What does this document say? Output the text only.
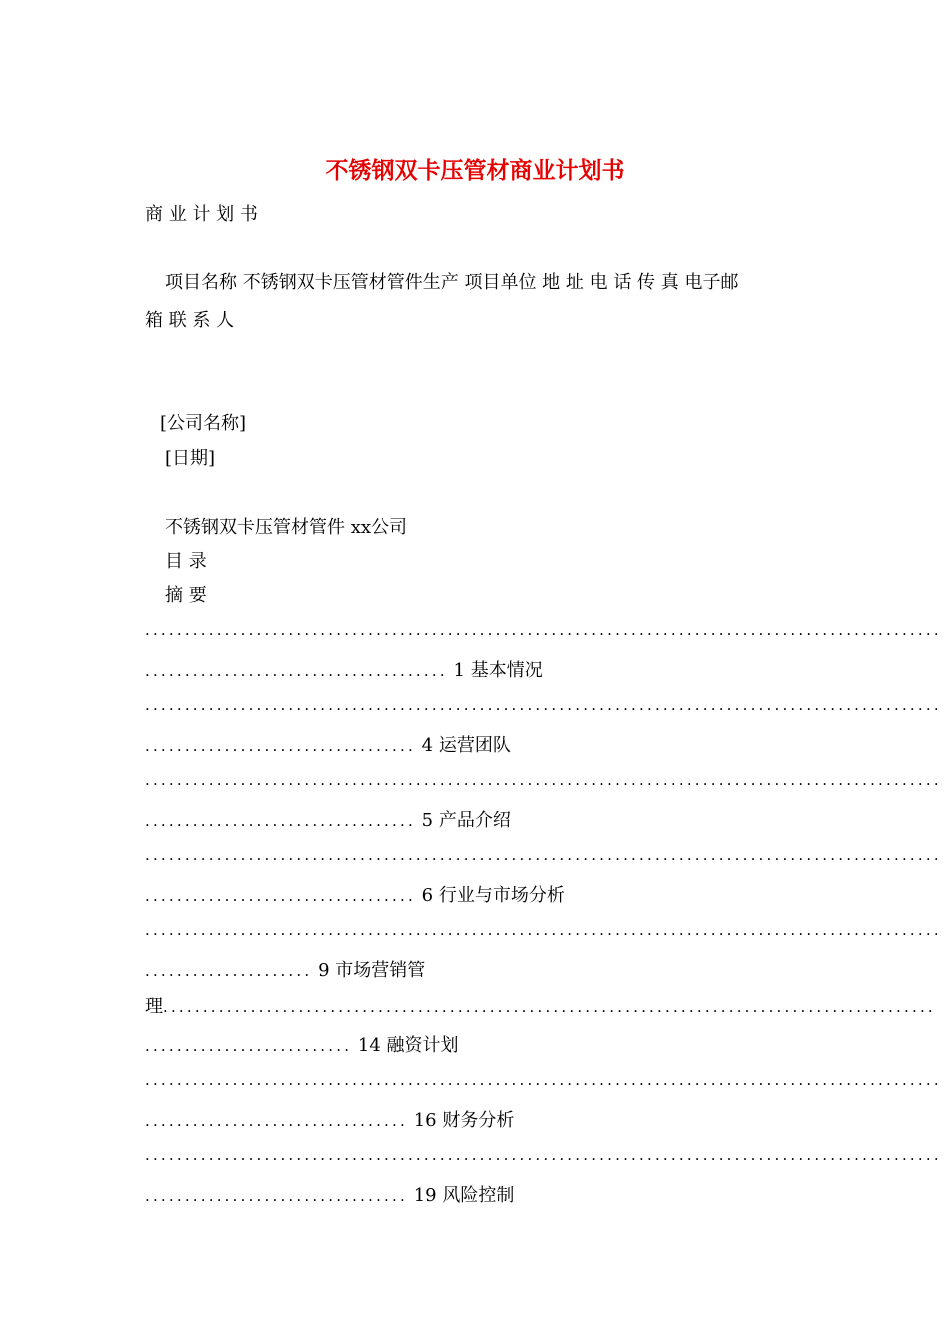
不锈钢双卡压管材商业计划书
商 业 计 划 书
项目名称 不锈钢双卡压管材管件生产 项目单位 地 址 电 话 传 真 电子邮
箱 联 系 人
[公司名称]
[日期]
不锈钢双卡压管材管件 xx公司
目 录
摘 要
....................................................................................................
...................................... 1 基本情况
....................................................................................................
.................................. 4 运营团队
....................................................................................................
.................................. 5 产品介绍
....................................................................................................
.................................. 6 行业与市场分析
....................................................................................................
..................... 9 市场营销管
理.................................................................................................
.......................... 14 融资计划
....................................................................................................
................................. 16 财务分析
....................................................................................................
................................. 19 风险控制
